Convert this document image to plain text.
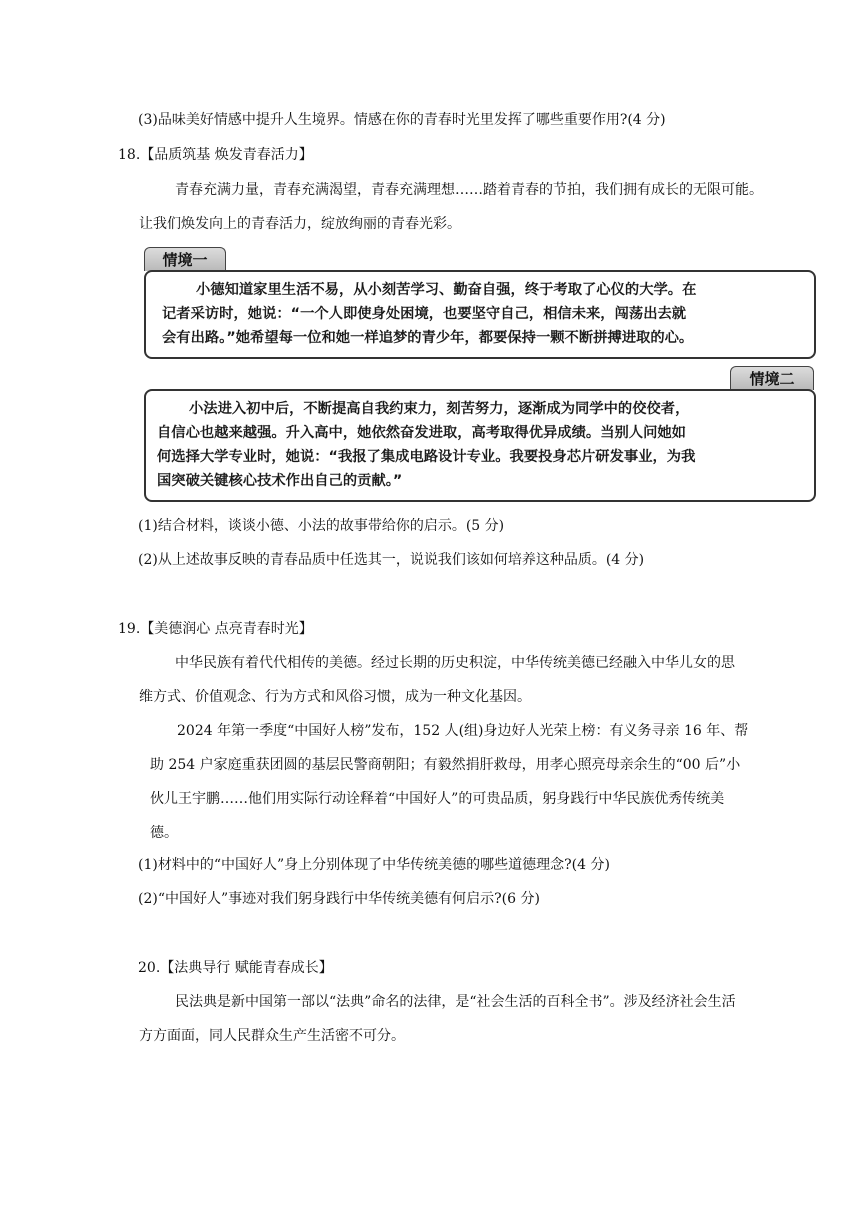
(3)品味美好情感中提升人生境界。情感在你的青春时光里发挥了哪些重要作用?(4 分)
18.【品质筑基 焕发青春活力】
青春充满力量，青春充满渴望，青春充满理想……踏着青春的节拍，我们拥有成长的无限可能。
让我们焕发向上的青春活力，绽放绚丽的青春光彩。
情境一
小德知道家里生活不易，从小刻苦学习、勤奋自强，终于考取了心仪的大学。在
记者采访时，她说：“一个人即使身处困境，也要坚守自己，相信未来，闯荡出去就
会有出路。”她希望每一位和她一样追梦的青少年，都要保持一颗不断拼搏进取的心。
情境二
小法进入初中后，不断提高自我约束力，刻苦努力，逐渐成为同学中的佼佼者，
自信心也越来越强。升入高中，她依然奋发进取，高考取得优异成绩。当别人问她如
何选择大学专业时，她说：“我报了集成电路设计专业。我要投身芯片研发事业，为我
国突破关键核心技术作出自己的贡献。”
(1)结合材料，谈谈小德、小法的故事带给你的启示。(5 分)
(2)从上述故事反映的青春品质中任选其一，说说我们该如何培养这种品质。(4 分)
19.【美德润心 点亮青春时光】
中华民族有着代代相传的美德。经过长期的历史积淀，中华传统美德已经融入中华儿女的思
维方式、价值观念、行为方式和风俗习惯，成为一种文化基因。
2024 年第一季度“中国好人榜”发布，152 人(组)身边好人光荣上榜：有义务寻亲 16 年、帮
助 254 户家庭重获团圆的基层民警商朝阳；有毅然捐肝救母，用孝心照亮母亲余生的“00 后”小
伙儿王宇鹏……他们用实际行动诠释着“中国好人”的可贵品质，躬身践行中华民族优秀传统美
德。
(1)材料中的“中国好人”身上分别体现了中华传统美德的哪些道德理念?(4 分)
(2)“中国好人”事迹对我们躬身践行中华传统美德有何启示?(6 分)
20.【法典导行 赋能青春成长】
民法典是新中国第一部以“法典”命名的法律，是“社会生活的百科全书”。涉及经济社会生活
方方面面，同人民群众生产生活密不可分。
